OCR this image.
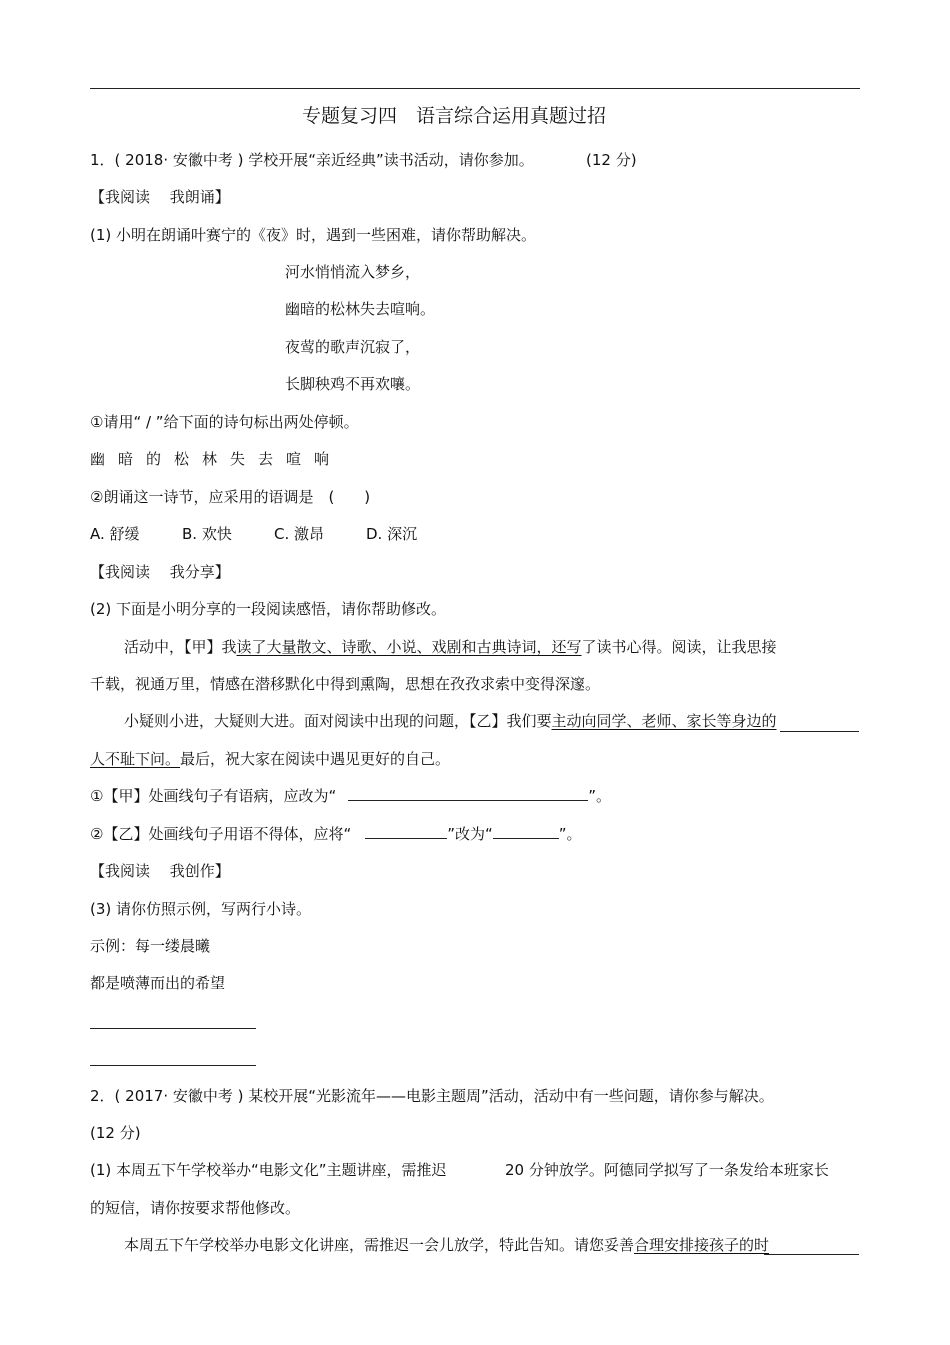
专题复习四　语言综合运用真题过招
1．( 2018· 安徽中考 ) 学校开展“亲近经典”读书活动，请你参加。	(12 分)
【我阅读　 我朗诵】
(1) 小明在朗诵叶赛宁的《夜》时，遇到一些困难，请你帮助解决。
河水悄悄流入梦乡，
幽暗的松林失去喧响。
夜莺的歌声沉寂了，
长脚秧鸡不再欢嚷。
①请用“ / ”给下面的诗句标出两处停顿。
幽暗的松林失去喧响
②朗诵这一诗节，应采用的语调是　(　　)
A. 舒缓	B. 欢快	C. 激昂	D. 深沉
【我阅读　 我分享】
(2) 下面是小明分享的一段阅读感悟，请你帮助修改。
活动中，【甲】我读了大量散文、诗歌、小说、戏剧和古典诗词，还写了读书心得。阅读，让我思接
千载，视通万里，情感在潜移默化中得到熏陶，思想在孜孜求索中变得深邃。
小疑则小进，大疑则大进。面对阅读中出现的问题，【乙】我们要主动向同学、老师、家长等身边的
人不耻下问。最后，祝大家在阅读中遇见更好的自己。
①【甲】处画线句子有语病，应改为“	”。
②【乙】处画线句子用语不得体，应将“	”改为“	”。
【我阅读　 我创作】
(3) 请你仿照示例，写两行小诗。
示例：每一缕晨曦
都是喷薄而出的希望
2．( 2017· 安徽中考 ) 某校开展“光影流年——电影主题周”活动，活动中有一些问题，请你参与解决。
(12 分)
(1) 本周五下午学校举办“电影文化”主题讲座，需推迟	20 分钟放学。阿德同学拟写了一条发给本班家长
的短信，请你按要求帮他修改。
本周五下午学校举办电影文化讲座，需推迟一会儿放学，特此告知。请您妥善合理安排接孩子的时
